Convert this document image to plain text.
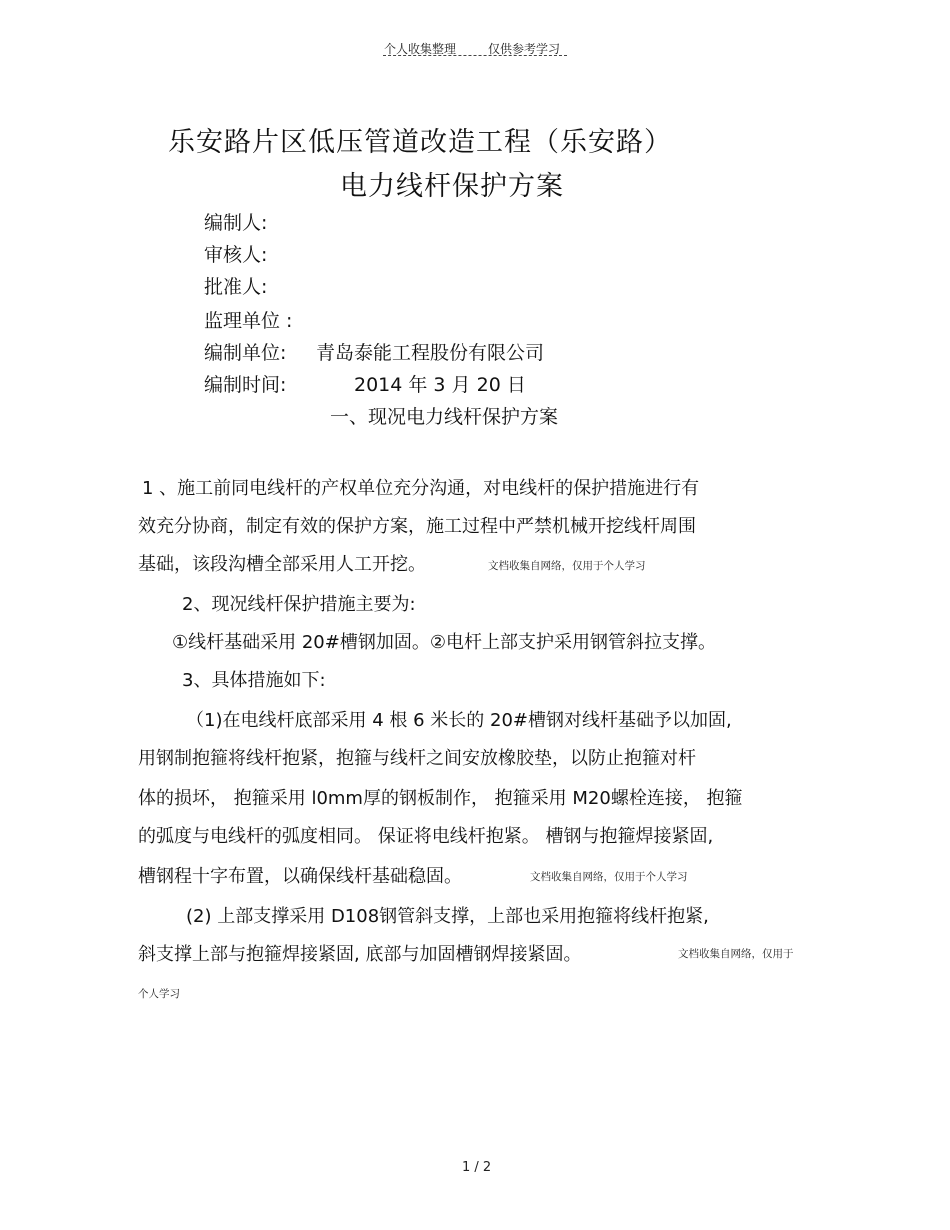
个人收集整理	仅供参考学习
乐安路片区低压管道改造工程（乐安路）
电力线杆保护方案
编制人:
审核人:
批准人:
监理单位 :
编制单位: 青岛泰能工程股份有限公司
编制时间:	2014 年 3 月 20 日
一、现况电力线杆保护方案
1 、施工前同电线杆的产权单位充分沟通，对电线杆的保护措施进行有
效充分协商，制定有效的保护方案，施工过程中严禁机械开挖线杆周围
基础，该段沟槽全部采用人工开挖。	文档收集自网络，仅用于个人学习
2、现况线杆保护措施主要为:
①线杆基础采用 20#槽钢加固。②电杆上部支护采用钢管斜拉支撑。
3、具体措施如下:
（1)在电线杆底部采用 4 根 6 米长的 20#槽钢对线杆基础予以加固,
用钢制抱箍将线杆抱紧，抱箍与线杆之间安放橡胶垫，以防止抱箍对杆
体的损坏， 抱箍采用 l0mm厚的钢板制作， 抱箍采用 M20螺栓连接， 抱箍
的弧度与电线杆的弧度相同。 保证将电线杆抱紧。 槽钢与抱箍焊接紧固,
槽钢程十字布置，以确保线杆基础稳固。	文档收集自网络，仅用于个人学习
(2) 上部支撑采用 D108钢管斜支撑，上部也采用抱箍将线杆抱紧,
斜支撑上部与抱箍焊接紧固, 底部与加固槽钢焊接紧固。	文档收集自网络，仅用于
个人学习
1 / 2
